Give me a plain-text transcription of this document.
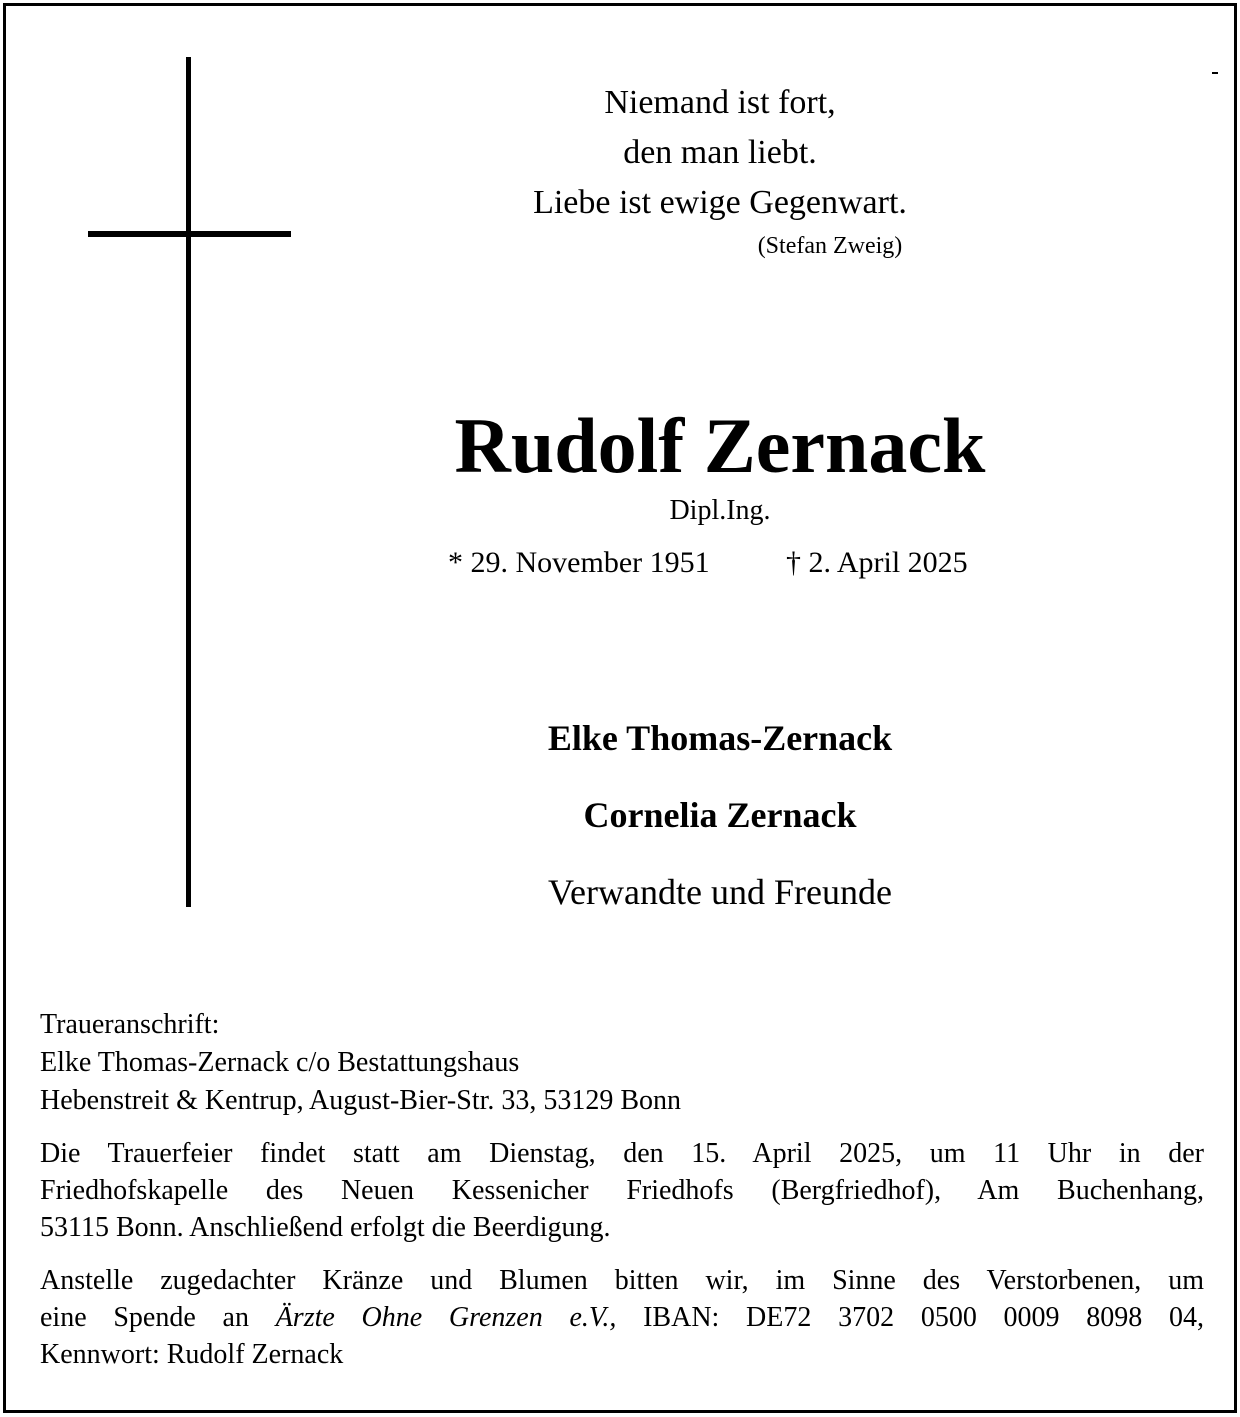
Niemand ist fort,
den man liebt.
Liebe ist ewige Gegenwart.
(Stefan Zweig)
Rudolf Zernack
Dipl.Ing.
* 29. November 1951	† 2. April 2025
Elke Thomas-Zernack
Cornelia Zernack
Verwandte und Freunde
Traueranschrift:
Elke Thomas-Zernack c/o Bestattungshaus
Hebenstreit & Kentrup, August-Bier-Str. 33, 53129 Bonn
Die Trauerfeier findet statt am Dienstag, den 15. April 2025, um 11 Uhr in der
Friedhofskapelle des Neuen Kessenicher Friedhofs (Bergfriedhof), Am Buchenhang,
53115 Bonn. Anschließend erfolgt die Beerdigung.
Anstelle zugedachter Kränze und Blumen bitten wir, im Sinne des Verstorbenen, um
eine Spende an Ärzte Ohne Grenzen e.V., IBAN: DE72 3702 0500 0009 8098 04,
Kennwort: Rudolf Zernack
